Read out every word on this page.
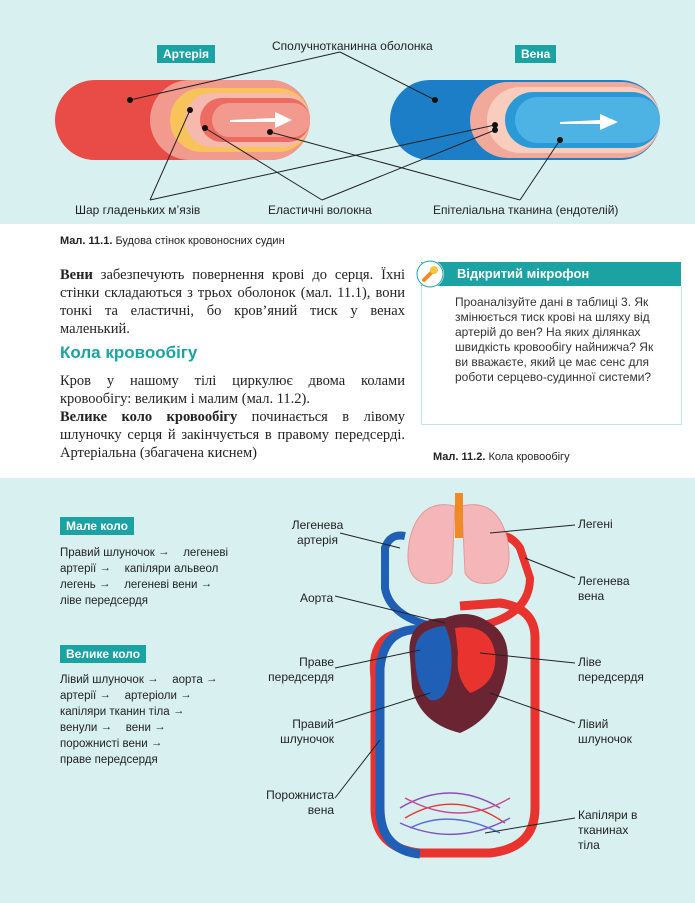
Артерія	Вена
Сполучнотканинна оболонка
Шар гладеньких м’язів	Еластичні волокна	Епітеліальна тканина (ендотелій)
Мал. 11.1. Будова стінок кровоносних судин
Вени забезпечують повернення крові до серця. Їхні стінки складаються з трьох оболонок (мал. 11.1), вони тонкі та еластичні, бо кров’яний тиск у венах маленький.
Кола кровообігу
Кров у нашому тілі циркулює двома колами кровообігу: великим і малим (мал. 11.2).
Велике коло кровообігу починається в лівому шлуночку серця й закінчується в правому передсерді. Артеріальна (збагачена киснем)
Відкритий мікрофон
Проаналізуйте дані в таблиці 3. Як змінюється тиск крові на шляху від артерій до вен? На яких ділянках швидкість кровообігу найнижча? Як ви вважаєте, який це має сенс для роботи серцево-судинної системи?
Мал. 11.2. Кола кровообігу
Мале коло
Правий шлуночок → легеневі
артерії → капіляри альвеол
легень → легеневі вени →
ліве передсердя
Велике коло
Лівий шлуночок → аорта →
артерії → артеріоли →
капіляри тканин тіла →
венули → вени →
порожнисті вени →
праве передсердя
Легенева артерія
Легені
Легенева вена
Аорта
Праве передсердя
Ліве передсердя
Правий шлуночок
Лівий шлуночок
Порожниста вена	Капіляри в тканинах тіла
